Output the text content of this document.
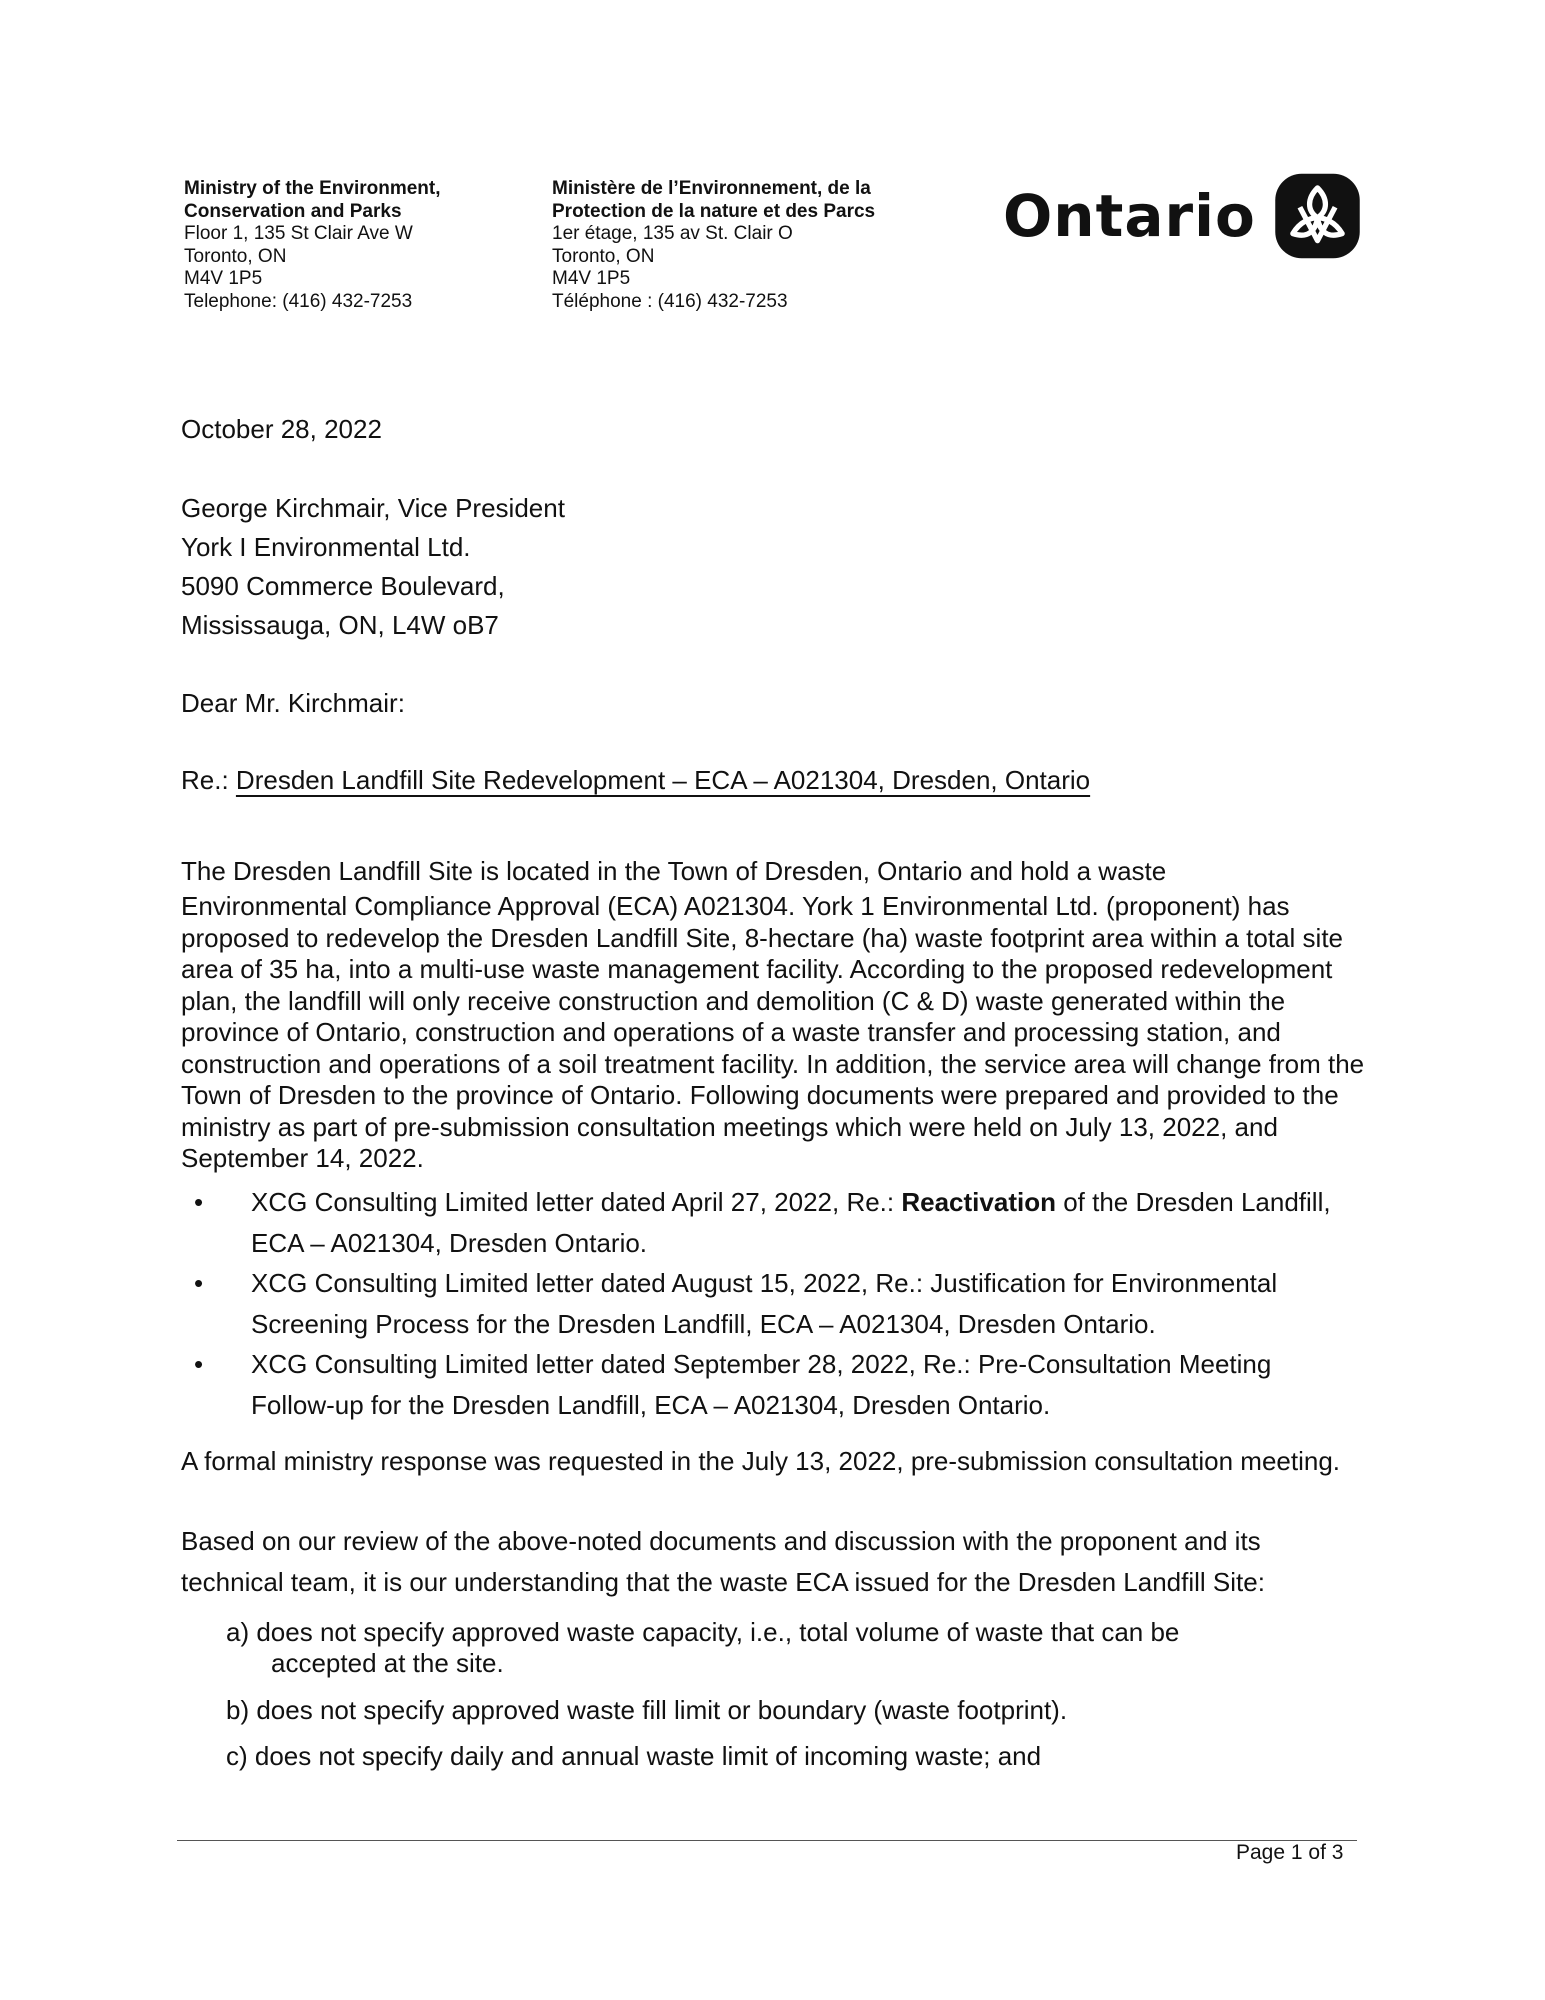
Ministry of the Environment,
Conservation and Parks
Floor 1, 135 St Clair Ave W
Toronto, ON
M4V 1P5
Telephone: (416) 432-7253
Ministère de l’Environnement, de la
Protection de la nature et des Parcs
1er étage, 135 av St. Clair O
Toronto, ON
M4V 1P5
Téléphone : (416) 432-7253
Ontario
October 28, 2022
George Kirchmair, Vice President
York I Environmental Ltd.
5090 Commerce Boulevard,
Mississauga, ON, L4W oB7
Dear Mr. Kirchmair:
Re.: Dresden Landfill Site Redevelopment – ECA – A021304, Dresden, Ontario
The Dresden Landfill Site is located in the Town of Dresden, Ontario and hold a waste
Environmental Compliance Approval (ECA) A021304. York 1 Environmental Ltd. (proponent) has proposed to redevelop the Dresden Landfill Site, 8-hectare (ha) waste footprint area within a total site area of 35 ha, into a multi-use waste management facility. According to the proposed redevelopment plan, the landfill will only receive construction and demolition (C & D) waste generated within the province of Ontario, construction and operations of a waste transfer and processing station, and construction and operations of a soil treatment facility. In addition, the service area will change from the Town of Dresden to the province of Ontario. Following documents were prepared and provided to the ministry as part of pre-submission consultation meetings which were held on July 13, 2022, and September 14, 2022.
• XCG Consulting Limited letter dated April 27, 2022, Re.: Reactivation of the Dresden Landfill, ECA – A021304, Dresden Ontario.
• XCG Consulting Limited letter dated August 15, 2022, Re.: Justification for Environmental Screening Process for the Dresden Landfill, ECA – A021304, Dresden Ontario.
• XCG Consulting Limited letter dated September 28, 2022, Re.: Pre-Consultation Meeting Follow-up for the Dresden Landfill, ECA – A021304, Dresden Ontario.
A formal ministry response was requested in the July 13, 2022, pre-submission consultation meeting.
Based on our review of the above-noted documents and discussion with the proponent and its technical team, it is our understanding that the waste ECA issued for the Dresden Landfill Site:
a) does not specify approved waste capacity, i.e., total volume of waste that can be
accepted at the site.
b) does not specify approved waste fill limit or boundary (waste footprint).
c) does not specify daily and annual waste limit of incoming waste; and
Page 1 of 3
